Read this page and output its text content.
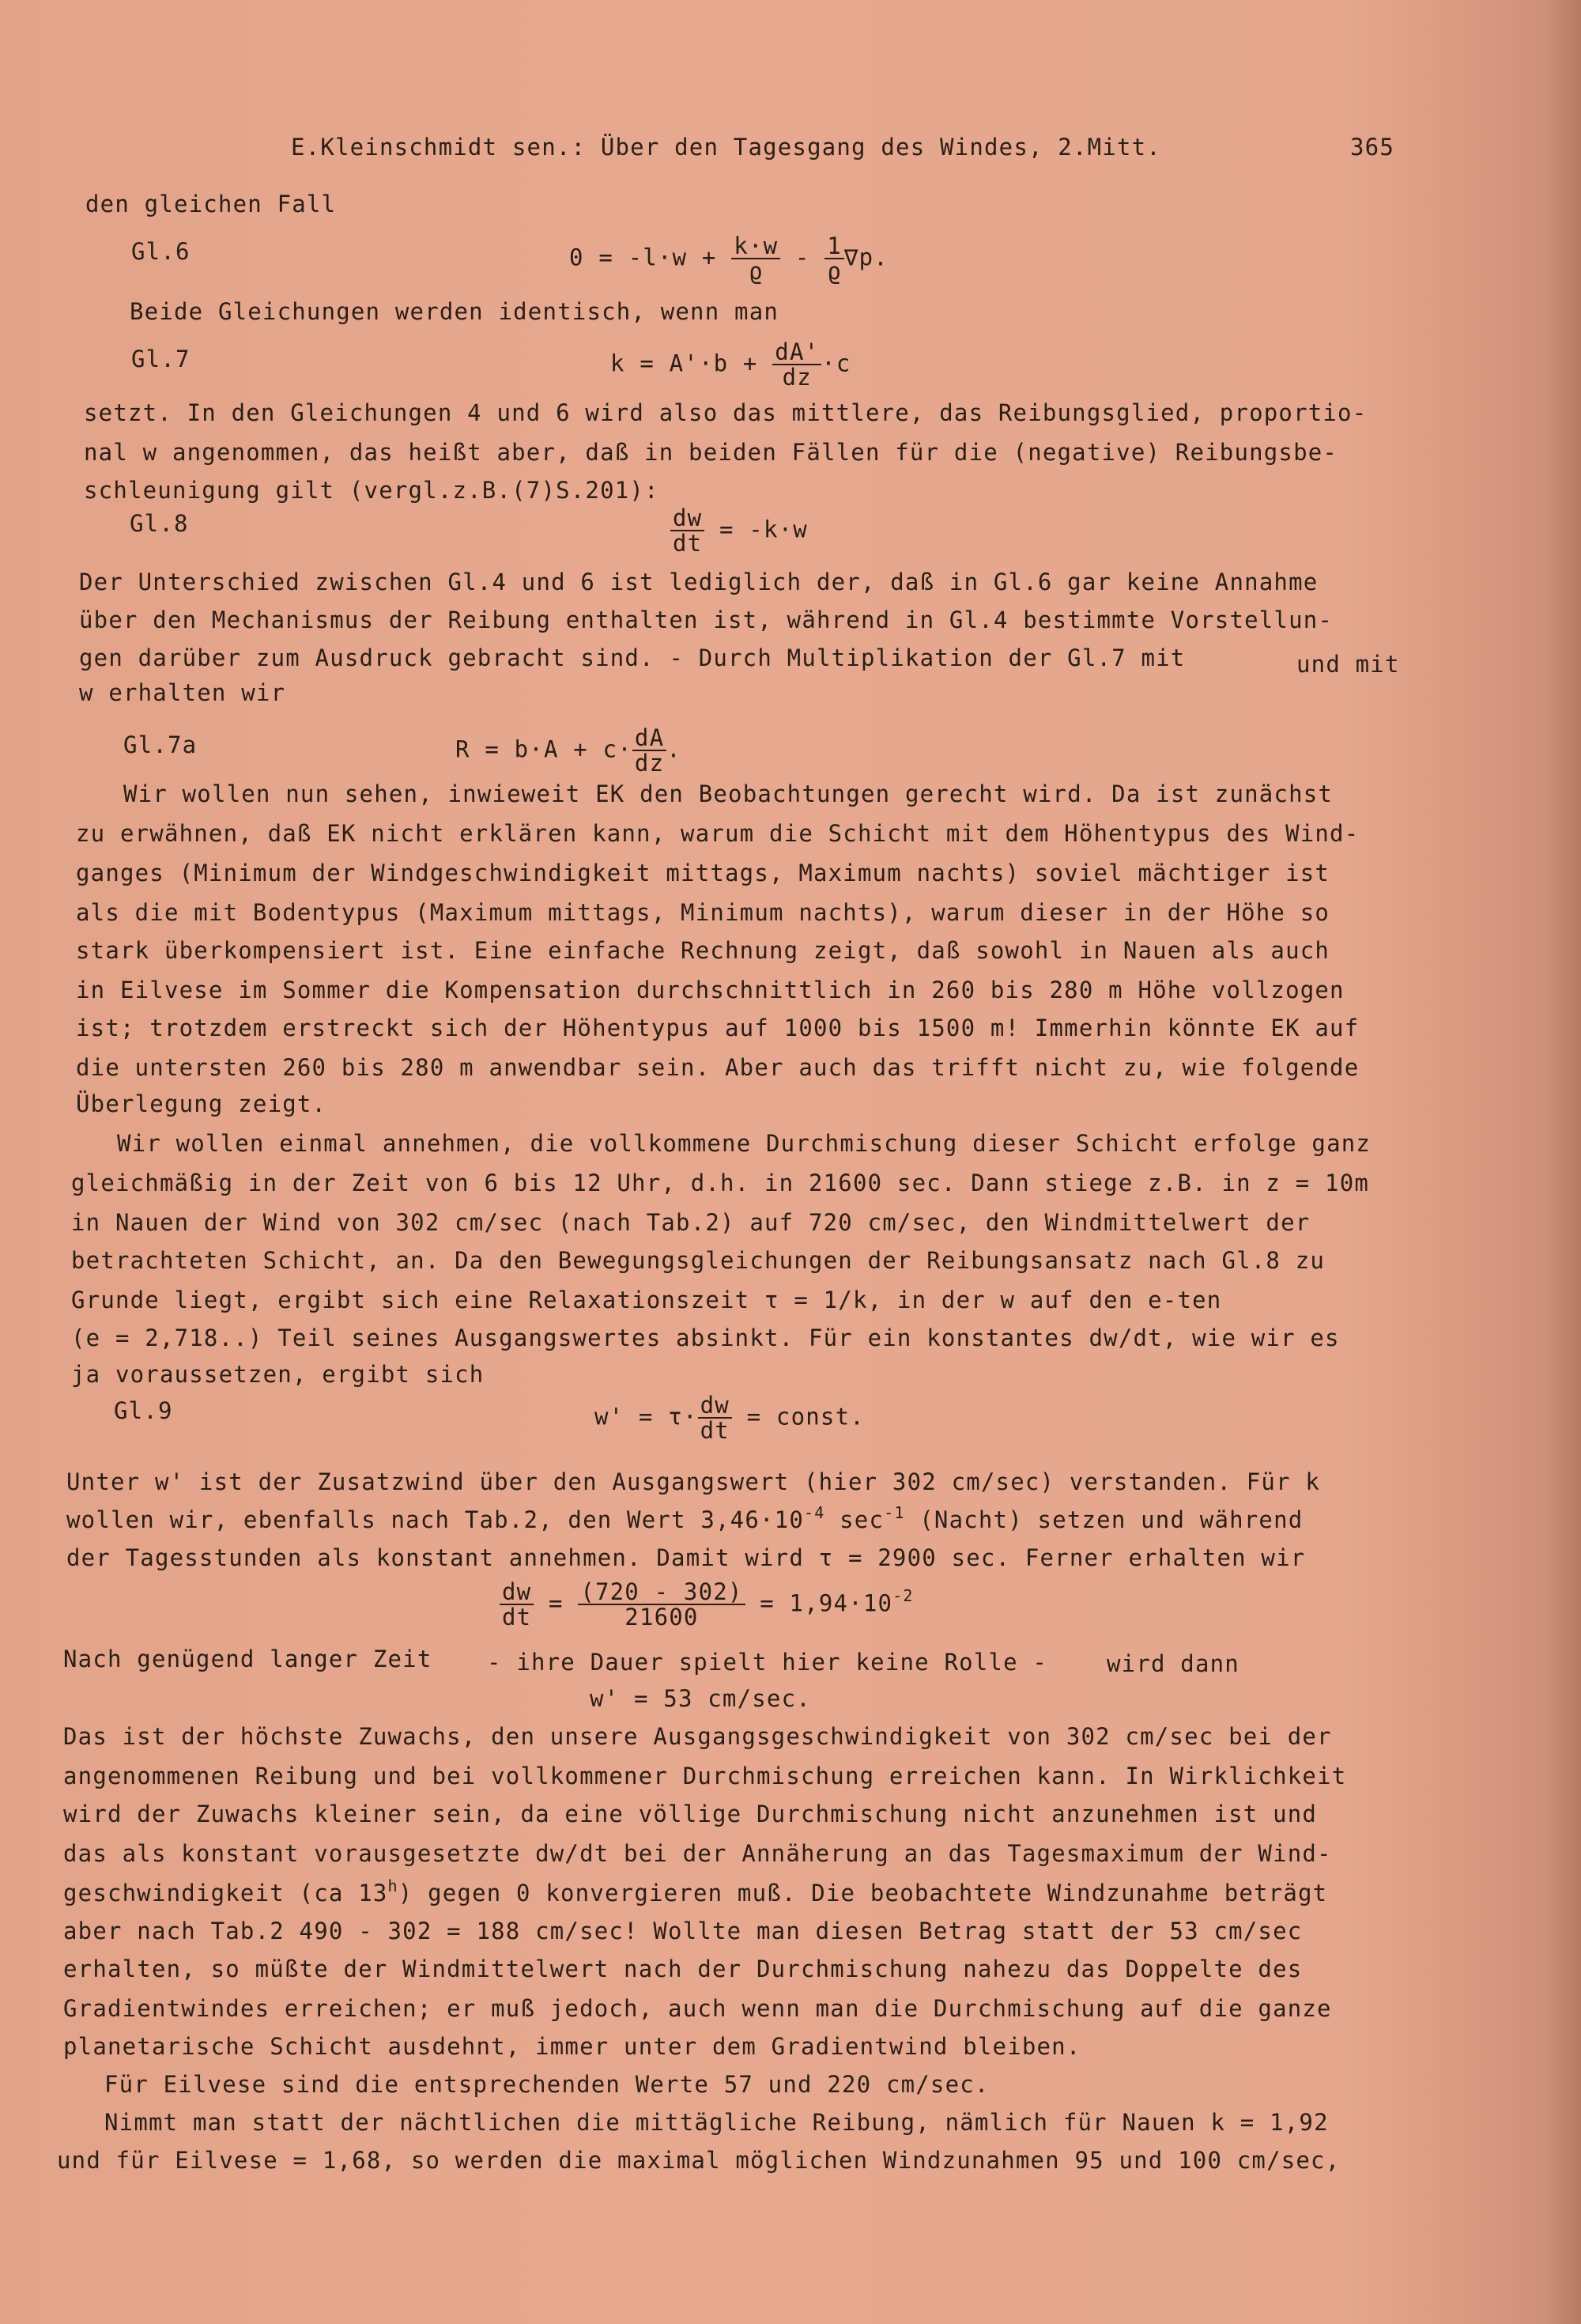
E.Kleinschmidt sen.: Über den Tagesgang des Windes, 2.Mitt.	365
den gleichen Fall
Gl.6	$0 = -l\cdot w + \frac{k\cdot w}{ϱ} - \frac{1}{ϱ} \nabla p$.
Beide Gleichungen werden identisch, wenn man
Gl.7	$k = A'\cdot b + \frac{dA'}{dz} \cdot c$
setzt. In den Gleichungen 4 und 6 wird also das mittlere, das Reibungsglied, proportio-
nal w angenommen, das heißt aber, daß in beiden Fällen für die (negative) Reibungsbe-
schleunigung gilt (vergl.z.B.(7)S.201):
Gl.8	$\frac{dw}{dt} = -k\cdot w$
Der Unterschied zwischen Gl.4 und 6 ist lediglich der, daß in Gl.6 gar keine Annahme
über den Mechanismus der Reibung enthalten ist, während in Gl.4 bestimmte Vorstellun-
gen darüber zum Ausdruck gebracht sind. - Durch Multiplikation der Gl.7 mit	und mit
w erhalten wir
Gl.7a	$R = b\cdot A + c\cdot \frac{dA}{dz}$ .
Wir wollen nun sehen, inwieweit EK den Beobachtungen gerecht wird. Da ist zunächst
zu erwähnen, daß EK nicht erklären kann, warum die Schicht mit dem Höhentypus des Wind-
ganges (Minimum der Windgeschwindigkeit mittags, Maximum nachts) soviel mächtiger ist
als die mit Bodentypus (Maximum mittags, Minimum nachts), warum dieser in der Höhe so
stark überkompensiert ist. Eine einfache Rechnung zeigt, daß sowohl in Nauen als auch
in Eilvese im Sommer die Kompensation durchschnittlich in 260 bis 280 m Höhe vollzogen
ist; trotzdem erstreckt sich der Höhentypus auf 1000 bis 1500 m! Immerhin könnte EK auf
die untersten 260 bis 280 m anwendbar sein. Aber auch das trifft nicht zu, wie folgende
Überlegung zeigt.
Wir wollen einmal annehmen, die vollkommene Durchmischung dieser Schicht erfolge ganz
gleichmäßig in der Zeit von 6 bis 12 Uhr, d.h. in 21600 sec. Dann stiege z.B. in z = 10m
in Nauen der Wind von 302 cm/sec (nach Tab.2) auf 720 cm/sec, den Windmittelwert der
betrachteten Schicht, an. Da den Bewegungsgleichungen der Reibungsansatz nach Gl.8 zu
Grunde liegt, ergibt sich eine Relaxationszeit τ = 1/k, in der w auf den e-ten
(e = 2,718..) Teil seines Ausgangswertes absinkt. Für ein konstantes dw/dt, wie wir es
ja voraussetzen, ergibt sich
Gl.9	$w' = \tau\cdot \frac{dw}{dt}$ = const.
Unter w' ist der Zusatzwind über den Ausgangswert (hier 302 cm/sec) verstanden. Für k
wollen wir, ebenfalls nach Tab.2, den Wert $3,46\cdot 10^{-4}$ $\sec^{-1}$ (Nacht) setzen und während
der Tagesstunden als konstant annehmen. Damit wird τ = 2900 sec. Ferner erhalten wir
$\frac{dw}{dt} = \frac{(720 - 302)}{21600} = 1,94\cdot 10^{-2}$
Nach genügend langer Zeit - ihre Dauer spielt hier keine Rolle -	wird dann
w' = 53 cm/sec.
Das ist der höchste Zuwachs, den unsere Ausgangsgeschwindigkeit von 302 cm/sec bei der
angenommenen Reibung und bei vollkommener Durchmischung erreichen kann. In Wirklichkeit
wird der Zuwachs kleiner sein, da eine völlige Durchmischung nicht anzunehmen ist und
das als konstant vorausgesetzte dw/dt bei der Annäherung an das Tagesmaximum der Wind-
geschwindigkeit (ca 13$^h$) gegen 0 konvergieren muß. Die beobachtete Windzunahme beträgt
aber nach Tab.2 490 - 302 = 188 cm/sec! Wollte man diesen Betrag statt der 53 cm/sec
erhalten, so müßte der Windmittelwert nach der Durchmischung nahezu das Doppelte des
Gradientwindes erreichen; er muß jedoch, auch wenn man die Durchmischung auf die ganze
planetarische Schicht ausdehnt, immer unter dem Gradientwind bleiben.
Für Eilvese sind die entsprechenden Werte 57 und 220 cm/sec.
Nimmt man statt der nächtlichen die mittägliche Reibung, nämlich für Nauen k = 1,92
und für Eilvese = 1,68, so werden die maximal möglichen Windzunahmen 95 und 100 cm/sec,
